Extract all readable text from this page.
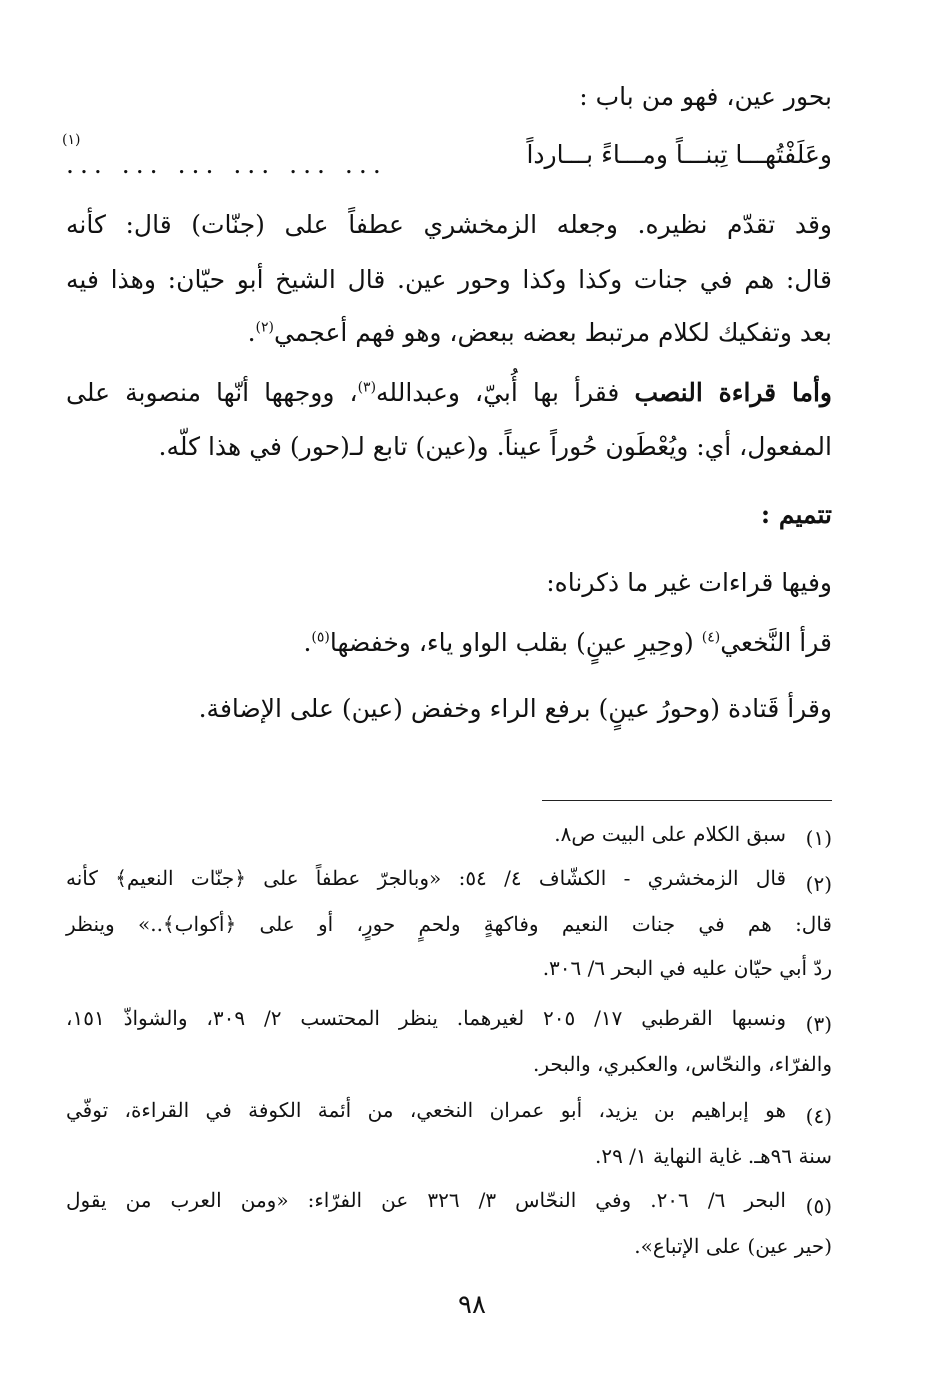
بحور عين، فهو من باب :
وعَلَفْتُهـــا تِبنـــاً ومـــاءً بـــارداً
... ... ... ... ... ...
(١)
وقد تقدّم نظيره. وجعله الزمخشري عطفاً على (جنّات) قال: كأنه
قال: هم في جنات وكذا وكذا وحور عين. قال الشيخ أبو حيّان: وهذا فيه
بعد وتفكيك لكلام مرتبط بعضه ببعض، وهو فهم أعجمي$^{(٢)}$.
وأما قراءة النصب فقرأ بها أُبيّ، وعبدالله$^{(٣)}$، ووجهها أنّها منصوبة على
المفعول، أي: ويُعْطَون حُوراً عيناً. و(عين) تابع لـ(حور) في هذا كلّه.
تتميم :
وفيها قراءات غير ما ذكرناه:
قرأ النَّخعي$^{(٤)}$ (وحِيرِ عينٍ) بقلب الواو ياء، وخفضها$^{(٥)}$.
وقرأ قَتادة (وحورُ عينٍ) برفع الراء وخفض (عين) على الإضافة.
(١)
سبق الكلام على البيت ص٨.
(٢)
قال الزمخشري - الكشّاف ٤/ ٥٤: «وبالجرّ عطفاً على ﴿جنّات النعيم﴾ كأنه
قال: هم في جنات النعيم وفاكهةٍ ولحمٍ حورٍ، أو على ﴿أكواب﴾..» وينظر
ردّ أبي حيّان عليه في البحر ٦/ ٣٠٦.
(٣)
ونسبها القرطبي ١٧/ ٢٠٥ لغيرهما. ينظر المحتسب ٢/ ٣٠٩، والشواذّ ١٥١،
والفرّاء، والنحّاس، والعكبري، والبحر.
(٤)
هو إبراهيم بن يزيد، أبو عمران النخعي، من أئمة الكوفة في القراءة، توفّي
سنة ٩٦هـ. غاية النهاية ١/ ٢٩.
(٥)
البحر ٦/ ٢٠٦. وفي النحّاس ٣/ ٣٢٦ عن الفرّاء: «ومن العرب من يقول
(حير عين) على الإتباع».
٩٨
